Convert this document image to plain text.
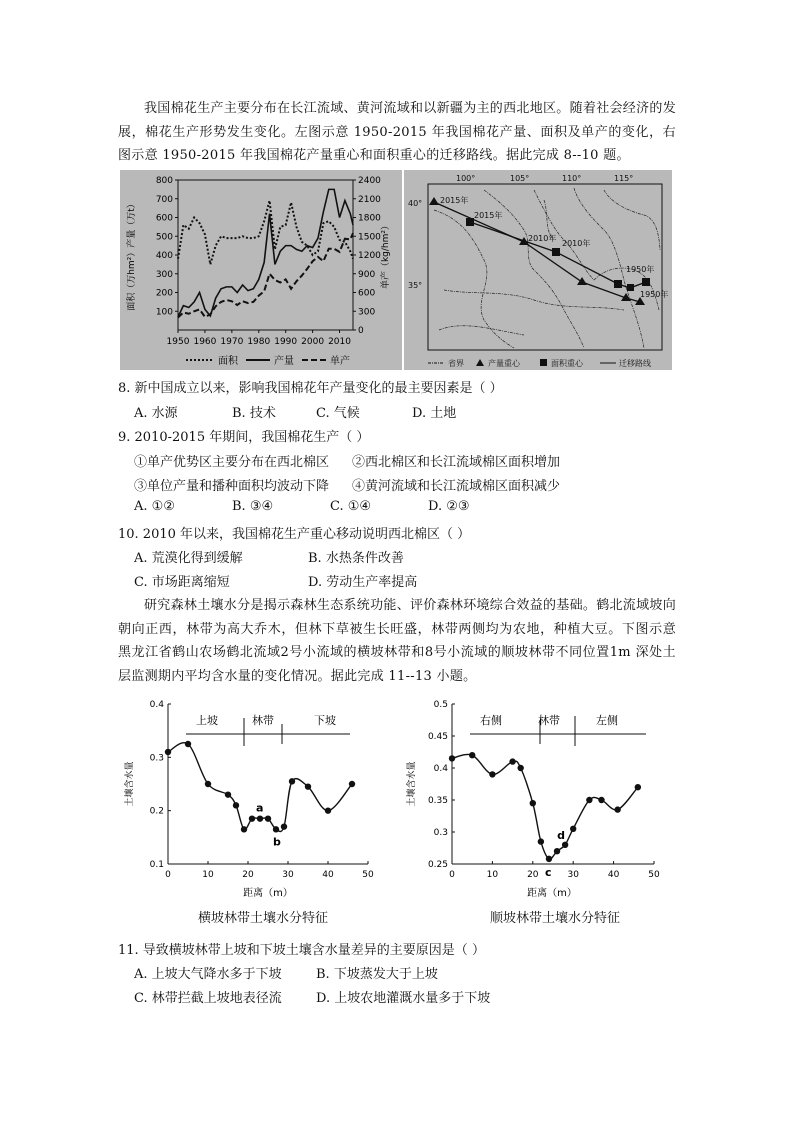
我国棉花生产主要分布在长江流域、黄河流域和以新疆为主的西北地区。随着社会经济的发展，棉花生产形势发生变化。左图示意 1950-2015 年我国棉花产量、面积及单产的变化，右图示意 1950-2015 年我国棉花产量重心和面积重心的迁移路线。据此完成 8--10 题。
100
200
300
400
500
600
700
800
0
300
600
900
1200
1500
1800
2100
2400
1950 1960 1970 1980 1990 2000 2010
面积（万hm²）产量（万t）	单产（kg/hm²）
面积	产量	单产
100°	105°	110°	115°
40°
35°
2015年
2015年
2010年
2010年
1950年
1950年
省界	产量重心	面积重心	迁移路线
8. 新中国成立以来，影响我国棉花年产量变化的最主要因素是（ ）
A. 水源	B. 技术	C. 气候	D. 土地
9. 2010-2015 年期间，我国棉花生产（ ）
①单产优势区主要分布在西北棉区 ②西北棉区和长江流域棉区面积增加
③单位产量和播种面积均波动下降 ④黄河流域和长江流域棉区面积减少
A. ①②	B. ③④	C. ①④	D. ②③
10. 2010 年以来，我国棉花生产重心移动说明西北棉区（ ）
A. 荒漠化得到缓解	B. 水热条件改善
C. 市场距离缩短	D. 劳动生产率提高
研究森林土壤水分是揭示森林生态系统功能、评价森林环境综合效益的基础。鹤北流域坡向朝向正西，林带为高大乔木，但林下草被生长旺盛，林带两侧均为农地，种植大豆。下图示意黑龙江省鹤山农场鹤北流域2号小流域的横坡林带和8号小流域的顺坡林带不同位置1m 深处土层监测期内平均含水量的变化情况。据此完成 11--13 小题。
0.1
0.2
0.3
0.4
0	10	20	30	40	50
上坡	林带	下坡
a
b
土壤含水量
距离（m）
横坡林带土壤水分特征
0.25
0.3
0.35
0.4
0.45
0.5
0	10	20	30	40	50
右侧	林带	左侧
c
d
土壤含水量
距离（m）
顺坡林带土壤水分特征
11. 导致横坡林带上坡和下坡土壤含水量差异的主要原因是（ ）
A. 上坡大气降水多于下坡	B. 下坡蒸发大于上坡
C. 林带拦截上坡地表径流	D. 上坡农地灌溉水量多于下坡
